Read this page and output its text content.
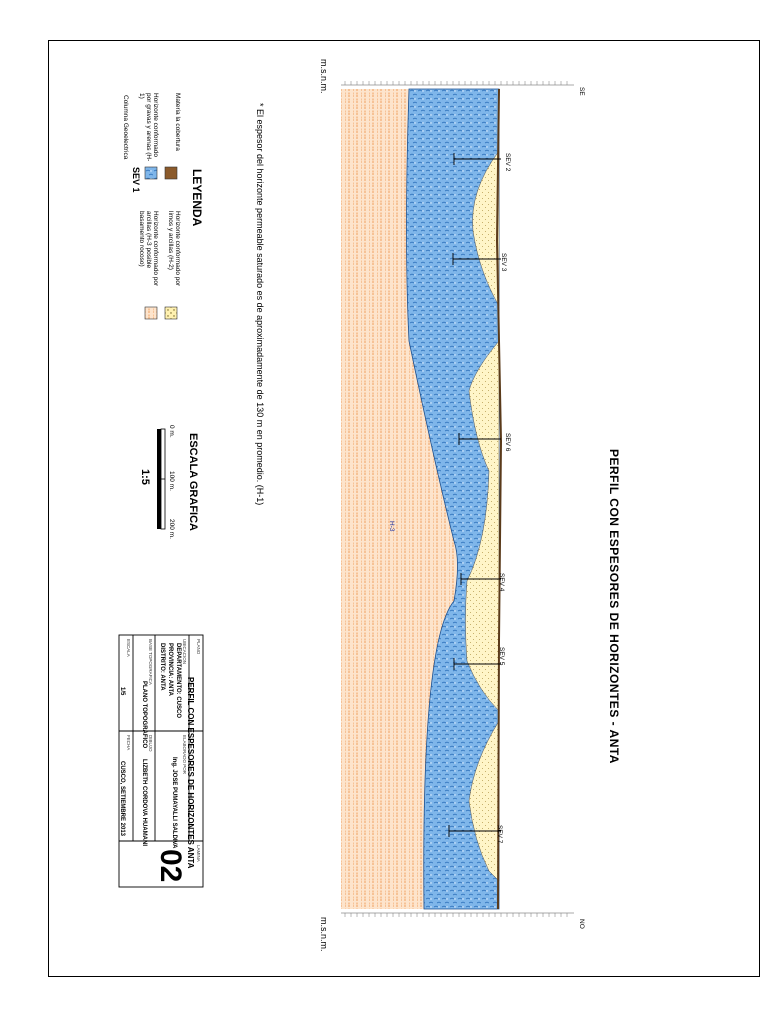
PERFIL CON ESPESORES DE HORIZONTES - ANTA
m.s.n.m.
m.s.n.m.
SE
NO
SEV 2
SEV 3
SEV 6
SEV 4
SEV 5
SEV 7
H-3
* El espesor del horizonte permeable saturado es de aproximadamente de 130 m en promedio. (H-1)
LEYENDA
Materia la cobertura
Horizonte conformado por gravas y arenas (H-1)
Horizonte conformado por limos y arcillas (H-2)
Horizonte conformado por arcillas (H-3 posible basamento rocoso)
SEV 1
Columna Geoelectrica
ESCALA GRAFICA
0 m.
100 m.
200 m.
1:5
PLANO
PERFIL CON ESPESORES DE HORIZONTES ANTA
UBICACION
DEPARTAMENTO: CUSCO
PROVINCIA: ANTA
DISTRITO: ANTA
BASE TOPOGRAFICA
PLANO TOPOGRAFICO
ESCALA
1/5
ELABORADO POR
Ing. JOSE PUMAYALLI SALDIVA
DIBUJO
LIZBETH CORDOVA HUAMANI
FECHA
CUSCO, SETIEMBRE 2013
LAMINA
02
